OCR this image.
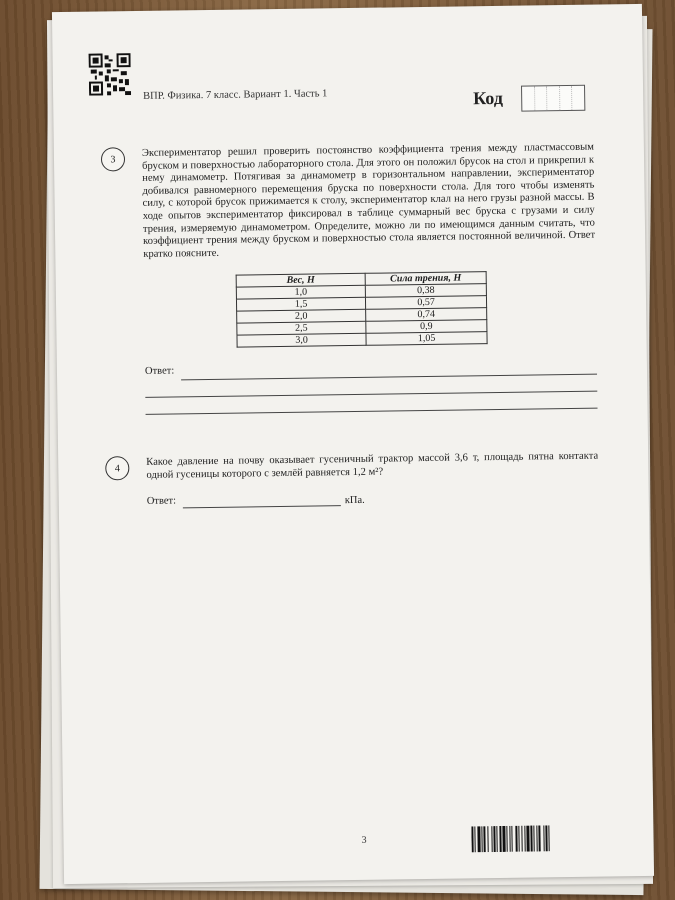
ВПР. Физика. 7 класс. Вариант 1. Часть 1	Код
3
Экспериментатор решил проверить постоянство коэффициента трения между пластмассовым бруском и поверхностью лабораторного стола. Для этого он положил брусок на стол и прикрепил к нему динамометр. Потягивая за динамометр в горизонтальном направлении, экспериментатор добивался равномерного перемещения бруска по поверхности стола. Для того чтобы изменять силу, с которой брусок прижимается к столу, экспериментатор клал на него грузы разной массы. В ходе опытов экспериментатор фиксировал в таблице суммарный вес бруска с грузами и силу трения, измеряемую динамометром. Определите, можно ли по имеющимся данным считать, что коэффициент трения между бруском и поверхностью стола является постоянной величиной. Ответ кратко поясните.
Вес, Н	Сила трения, Н
1,0	0,38
1,5	0,57
2,0	0,74
2,5	0,9
3,0	1,05
Ответ:
4
Какое давление на почву оказывает гусеничный трактор массой 3,6 т, площадь пятна контакта одной гусеницы которого с землёй равняется 1,2 м²?
Ответ:	кПа.
3
